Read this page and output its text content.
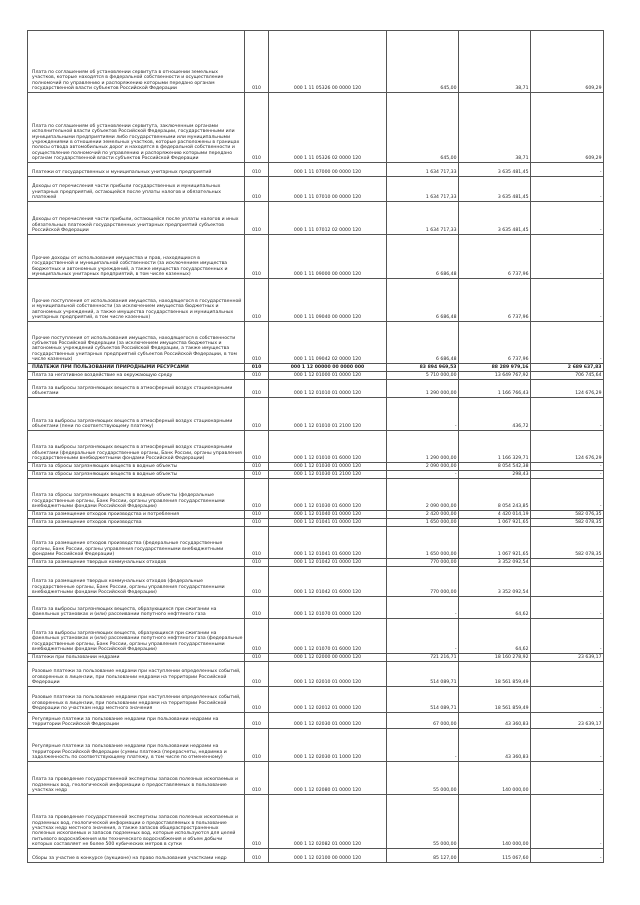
Плата по соглашениям об установлении сервитута в отношении земельных участков, которые находятся в федеральной собственности и осуществление полномочий по управлению и распоряжению которыми передано органам государственной власти субъектов Российской Федерации	010	000 1 11 05326 00 0000 120	645,00	38,71	609,29
Плата по соглашениям об установлении сервитута, заключенным органами исполнительной власти субъектов Российской Федерации, государственными или муниципальными предприятиями либо государственными или муниципальными учреждениями в отношении земельных участков, которые расположены в границах полосы отвода автомобильных дорог и находятся в федеральной собственности и осуществление полномочий по управлению и распоряжению которыми передано органам государственной власти субъектов Российской Федерации	010	000 1 11 05326 02 0000 120	645,00	38,71	609,29
Платежи от государственных и муниципальных унитарных предприятий	010	000 1 11 07000 00 0000 120	1 634 717,33	3 635 481,45	-
Доходы от перечисления части прибыли государственных и муниципальных унитарных предприятий, остающейся после уплаты налогов и обязательных платежей	010	000 1 11 07010 00 0000 120	1 634 717,33	3 635 481,45	-
Доходы от перечисления части прибыли, остающейся после уплаты налогов и иных обязательных платежей государственных унитарных предприятий субъектов Российской Федерации	010	000 1 11 07012 02 0000 120	1 634 717,33	3 635 481,45	-
Прочие доходы от использования имущества и прав, находящихся в государственной и муниципальной собственности (за исключением имущества бюджетных и автономных учреждений, а также имущества государственных и муниципальных унитарных предприятий, в том числе казенных)	010	000 1 11 09000 00 0000 120	6 686,48	6 737,96	-
Прочие поступления от использования имущества, находящегося в государственной и муниципальной собственности (за исключением имущества бюджетных и автономных учреждений, а также имущества государственных и муниципальных унитарных предприятий, в том числе казенных)	010	000 1 11 09040 00 0000 120	6 686,48	6 737,96	-
Прочие поступления от использования имущества, находящегося в собственности субъектов Российской Федерации (за исключением имущества бюджетных и автономных учреждений субъектов Российской Федерации, а также имущества государственных унитарных предприятий субъектов Российской Федерации, в том числе казенных)	010	000 1 11 09042 02 0000 120	6 686,48	6 737,96	-
ПЛАТЕЖИ ПРИ ПОЛЬЗОВАНИИ ПРИРОДНЫМИ РЕСУРСАМИ	010	000 1 12 00000 00 0000 000	83 894 969,53	88 289 979,16	2 689 637,83
Плата за негативное воздействие на окружающую среду	010	000 1 12 01000 01 0000 120	5 710 000,00	13 649 767,92	706 745,64
Плата за выбросы загрязняющих веществ в атмосферный воздух стационарными объектами	010	000 1 12 01010 01 0000 120	1 290 000,00	1 166 766,43	124 676,29
Плата за выбросы загрязняющих веществ в атмосферный воздух стационарными объектами (пени по соответствующему платежу)	010	000 1 12 01010 01 2100 120	-	436,72	-
Плата за выбросы загрязняющих веществ в атмосферный воздух стационарными объектами (федеральные государственные органы, Банк России, органы управления государственными внебюджетными фондами Российской Федерации)	010	000 1 12 01010 01 6000 120	1 290 000,00	1 166 329,71	124 676,29
Плата за сбросы загрязняющих веществ в водные объекты	010	000 1 12 01030 01 0000 120	2 090 000,00	8 054 542,38	-
Плата за сбросы загрязняющих веществ в водные объекты	010	000 1 12 01030 01 2100 120	-	298,43	-
Плата за сбросы загрязняющих веществ в водные объекты (федеральные государственные органы, Банк России, органы управления государственными внебюджетными фондами Российской Федерации)	010	000 1 12 01030 01 6000 120	2 090 000,00	8 054 243,85	-
Плата за размещение отходов производства и потребления	010	000 1 12 01040 01 0000 120	2 420 000,00	4 420 014,19	582 076,35
Плата за размещение отходов производства	010	000 1 12 01041 01 0000 120	1 650 000,00	1 067 921,65	582 078,35
Плата за размещение отходов производства (федеральные государственные органы, Банк России, органы управления государственными внебюджетными фондами Российской Федерации)	010	000 1 12 01041 01 6000 120	1 650 000,00	1 067 921,65	582 078,35
Плата за размещение твердых коммунальных отходов	010	000 1 12 01042 01 0000 120	770 000,00	3 352 092,54	-
Плата за размещение твердых коммунальных отходов (федеральные государственные органы, Банк России, органы управления государственными внебюджетными фондами Российской Федерации)	010	000 1 12 01042 01 6000 120	770 000,00	3 352 092,54	-
Плата за выбросы загрязняющих веществ, образующихся при сжигании на факельных установках и (или) рассеивании попутного нефтяного газа	010	000 1 12 01070 01 0000 120	-	64,62	-
Плата за выбросы загрязняющих веществ, образующихся при сжигании на факельных установках и (или) рассеивании попутного нефтяного газа (федеральные государственные органы, Банк России, органы управления государственными внебюджетными фондами Российской Федерации)	010	000 1 12 01070 01 6000 120	-	64,62	-
Платежи при пользовании недрами	010	000 1 12 02000 00 0000 120	721 216,71	18 160 278,92	23 639,17
Разовые платежи за пользование недрами при наступлении определенных событий, оговоренных в лицензии, при пользовании недрами на территории Российской Федерации	010	000 1 12 02010 01 0000 120	514 089,71	18 561 859,49	-
Разовые платежи за пользование недрами при наступлении определенных событий, оговоренных в лицензии, при пользовании недрами на территории Российской Федерации по участкам недр местного значения	010	000 1 12 02012 01 0000 120	514 089,71	18 561 859,49	-
Регулярные платежи за пользование недрами при пользовании недрами на территории Российской Федерации	010	000 1 12 02030 01 0000 120	67 000,00	43 360,83	23 639,17
Регулярные платежи за пользование недрами при пользовании недрами на территории Российской Федерации (суммы платежа (перерасчеты, недоимка и задолженность по соответствующему платежу, в том числе по отмененному)	010	000 1 12 02030 01 1000 120	-	43 360,83	-
Плата за проведение государственной экспертизы запасов полезных ископаемых и подземных вод, геологической информации о предоставляемых в пользование участках недр	010	000 1 12 02080 01 0000 120	55 000,00	140 000,00	-
Плата за проведение государственной экспертизы запасов полезных ископаемых и подземных вод, геологической информации о предоставляемых в пользование участках недр местного значения, а также запасов общераспространенных полезных ископаемых и запасов подземных вод, которые используются для целей питьевого водоснабжения или технического водоснабжения и объем добычи которых составляет не более 500 кубических метров в сутки	010	000 1 12 02082 01 0000 120	55 000,00	140 000,00	-
Сборы за участие в конкурсе (аукционе) на право пользования участками недр	010	000 1 12 02100 00 0000 120	85 127,00	115 067,60	-
